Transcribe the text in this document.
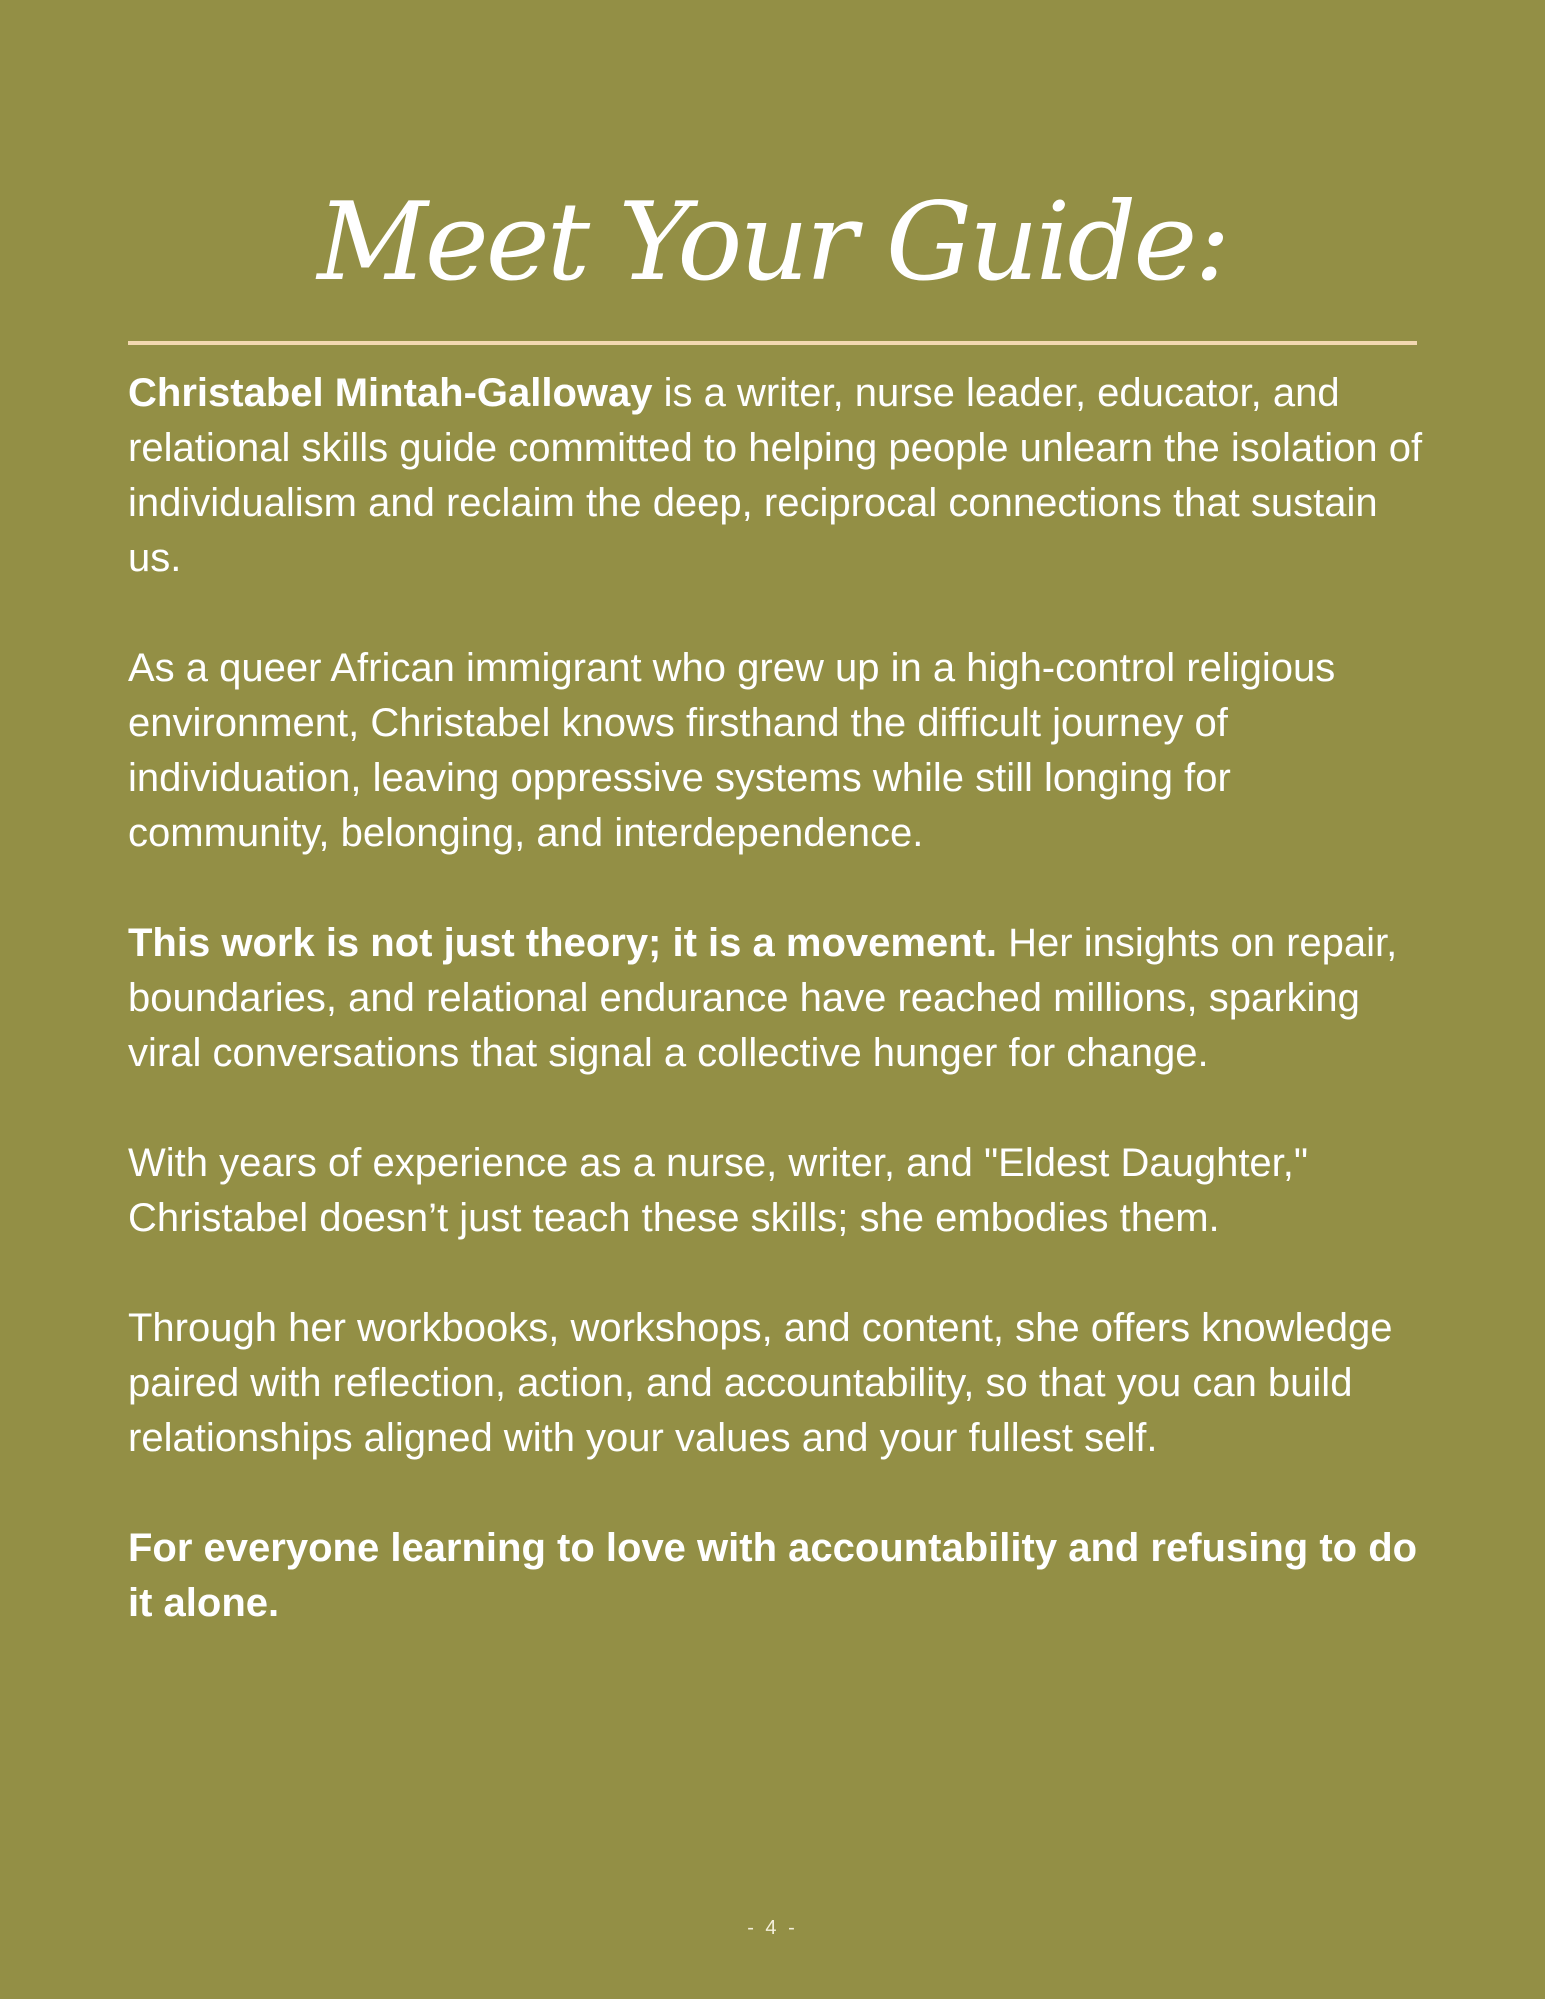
Meet Your Guide:

Christabel Mintah-Galloway is a writer, nurse leader, educator, and relational skills guide committed to helping people unlearn the isolation of individualism and reclaim the deep, reciprocal connections that sustain us.

As a queer African immigrant who grew up in a high-control religious environment, Christabel knows firsthand the difficult journey of individuation, leaving oppressive systems while still longing for community, belonging, and interdependence.

This work is not just theory; it is a movement. Her insights on repair, boundaries, and relational endurance have reached millions, sparking viral conversations that signal a collective hunger for change.

With years of experience as a nurse, writer, and "Eldest Daughter," Christabel doesn’t just teach these skills; she embodies them.

Through her workbooks, workshops, and content, she offers knowledge paired with reflection, action, and accountability, so that you can build relationships aligned with your values and your fullest self.

For everyone learning to love with accountability and refusing to do it alone.

- 4 -
